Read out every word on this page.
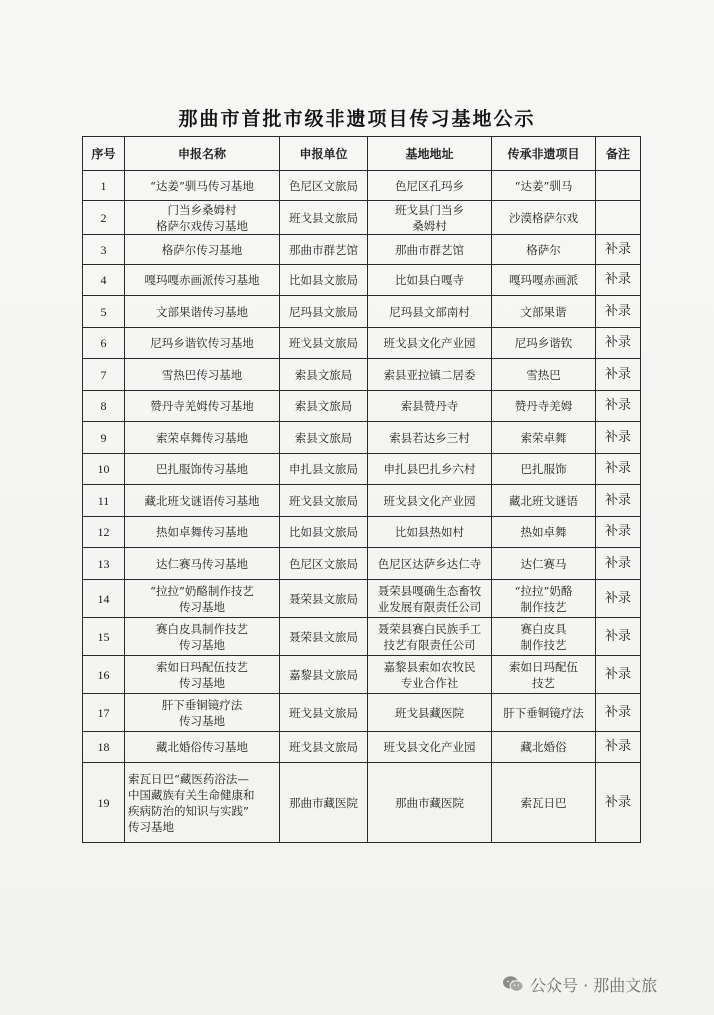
那曲市首批市级非遗项目传习基地公示
序号	申报名称	申报单位	基地地址	传承非遗项目	备注
1	“达姜”驯马传习基地	色尼区文旅局	色尼区孔玛乡	“达姜”驯马	

2	门当乡桑姆村
格萨尔戏传习基地	班戈县文旅局	班戈县门当乡
桑姆村	沙漠格萨尔戏	

3	格萨尔传习基地	那曲市群艺馆	那曲市群艺馆	格萨尔	补录
4	嘎玛嘎赤画派传习基地	比如县文旅局	比如县白嘎寺	嘎玛嘎赤画派	补录
5	文部果谐传习基地	尼玛县文旅局	尼玛县文部南村	文部果谐	补录
6	尼玛乡谐钦传习基地	班戈县文旅局	班戈县文化产业园	尼玛乡谐钦	补录
7	雪热巴传习基地	索县文旅局	索县亚拉镇二居委	雪热巴	补录
8	赞丹寺羌姆传习基地	索县文旅局	索县赞丹寺	赞丹寺羌姆	补录
9	索荣卓舞传习基地	索县文旅局	索县若达乡三村	索荣卓舞	补录
10	巴扎服饰传习基地	申扎县文旅局	申扎县巴扎乡六村	巴扎服饰	补录
11	藏北班戈谜语传习基地	班戈县文旅局	班戈县文化产业园	藏北班戈谜语	补录
12	热如卓舞传习基地	比如县文旅局	比如县热如村	热如卓舞	补录
13	达仁赛马传习基地	色尼区文旅局	色尼区达萨乡达仁寺	达仁赛马	补录
14	“拉拉”奶酪制作技艺
传习基地	聂荣县文旅局	聂荣县嘎确生态畜牧
业发展有限责任公司	“拉拉”奶酪
制作技艺	补录
15	赛白皮具制作技艺
传习基地	聂荣县文旅局	聂荣县赛白民族手工
技艺有限责任公司	赛白皮具
制作技艺	补录
16	索如日玛配伍技艺
传习基地	嘉黎县文旅局	嘉黎县索如农牧民
专业合作社	索如日玛配伍
技艺	补录
17	肝下垂铜镜疗法
传习基地	班戈县文旅局	班戈县藏医院	肝下垂铜镜疗法	补录
18	藏北婚俗传习基地	班戈县文旅局	班戈县文化产业园	藏北婚俗	补录
19	索瓦日巴“藏医药浴法—
中国藏族有关生命健康和
疾病防治的知识与实践”
传习基地	那曲市藏医院	那曲市藏医院	索瓦日巴	补录
公众号 · 那曲文旅
